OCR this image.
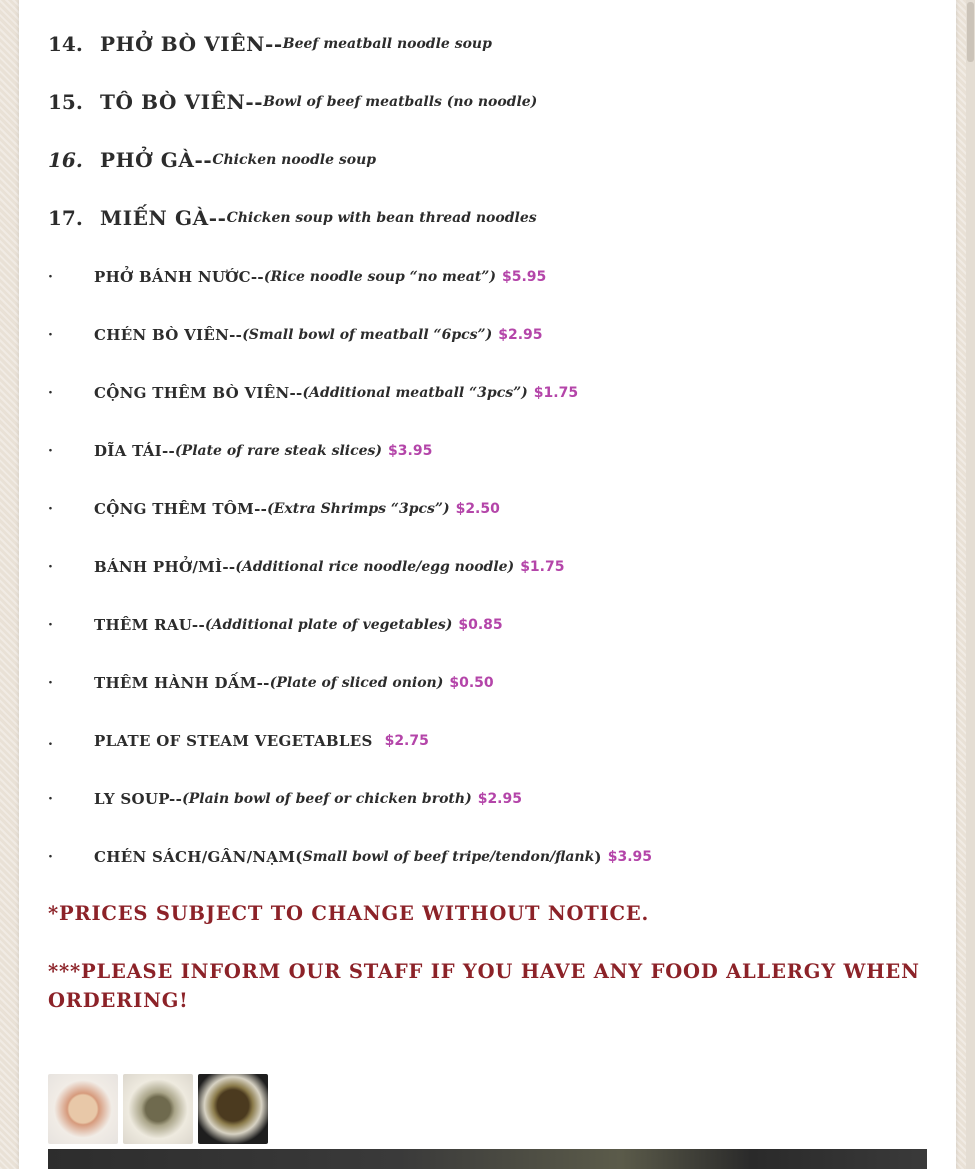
14. PHỞ BÒ VIÊN-- Beef meatball noodle soup
15. TÔ BÒ VIÊN-- Bowl of beef meatballs (no noodle)
16. PHỞ GÀ-- Chicken noodle soup
17. MIẾN GÀ-- Chicken soup with bean thread noodles
·	PHỞ BÁNH NƯỚC-- (Rice noodle soup “no meat”) $5.95
·	CHÉN BÒ VIÊN-- (Small bowl of meatball “6pcs”) $2.95
·	CỘNG THÊM BÒ VIÊN-- (Additional meatball “3pcs”) $1.75
·	DĨA TÁI-- (Plate of rare steak slices) $3.95
·	CỘNG THÊM TÔM-- (Extra Shrimps “3pcs”) $2.50
·	BÁNH PHỞ/MÌ-- (Additional rice noodle/egg noodle) $1.75
·	THÊM RAU-- (Additional plate of vegetables) $0.85
·	THÊM HÀNH DẤM-- (Plate of sliced onion) $0.50
.	PLATE OF STEAM VEGETABLES $2.75
·	LY SOUP-- (Plain bowl of beef or chicken broth) $2.95
·	CHÉN SÁCH/GÂN/NẠM( Small bowl of beef tripe/tendon/flank ) $3.95
*PRICES SUBJECT TO CHANGE WITHOUT NOTICE.
***PLEASE INFORM OUR STAFF IF YOU HAVE ANY FOOD ALLERGY WHEN ORDERING!
